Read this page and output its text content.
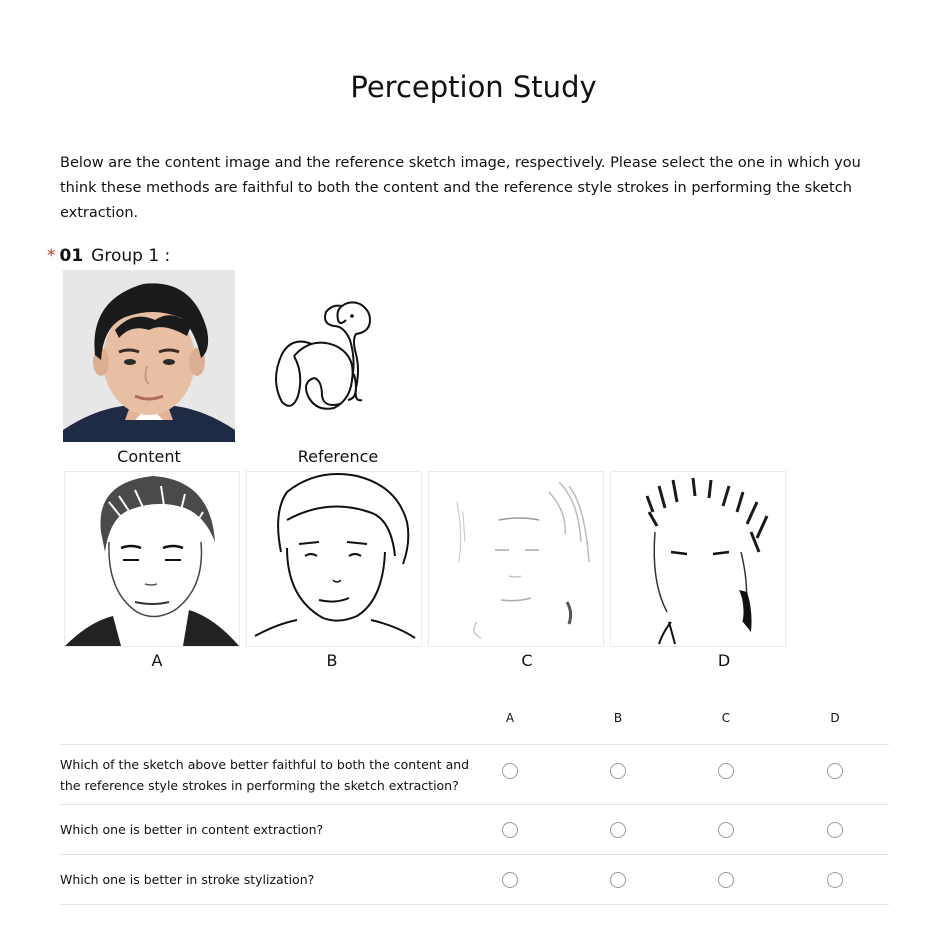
Perception Study
Below are the content image and the reference sketch image, respectively. Please select the one in which you think these methods are faithful to both the content and the reference style strokes in performing the sketch extraction.
* 01 Group 1 :
Content	Reference
A	B	C	D
A	B	C	D
Which of the sketch above better faithful to both the content and the reference style strokes in performing the sketch extraction?
Which one is better in content extraction?
Which one is better in stroke stylization?
